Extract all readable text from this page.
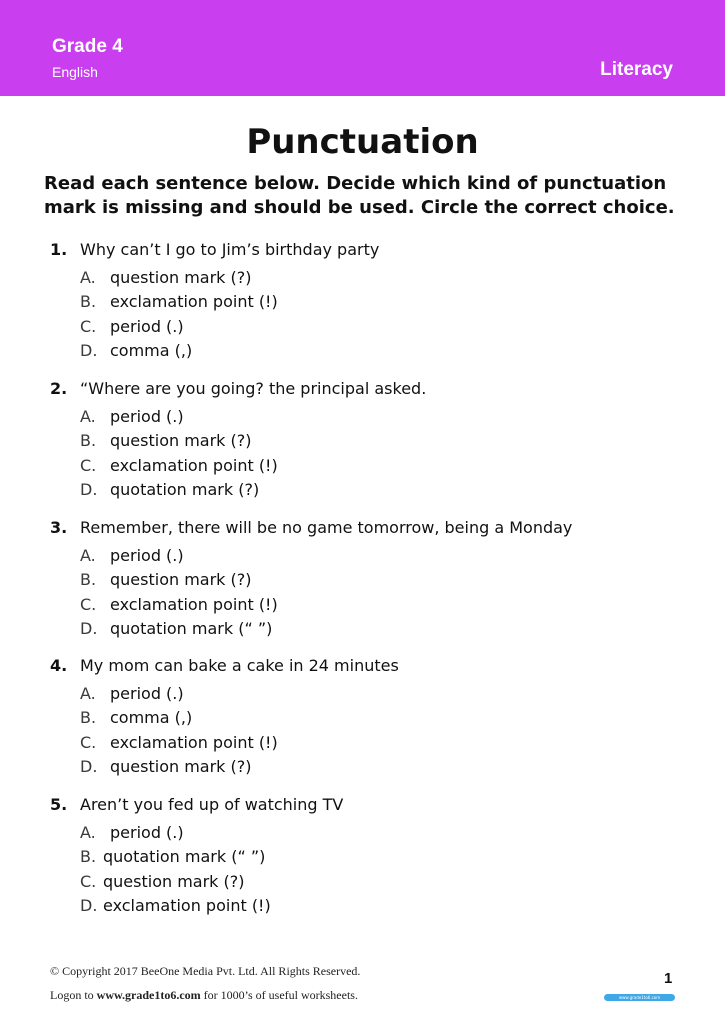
Grade 4
English	Literacy
Punctuation

Read each sentence below. Decide which kind of punctuation mark is missing and should be used. Circle the correct choice.

1. Why can’t I go to Jim’s birthday party
A. question mark (?)
B. exclamation point (!)
C. period (.)
D. comma (,)
2. “Where are you going? the principal asked.
A. period (.)
B. question mark (?)
C. exclamation point (!)
D. quotation mark (?)
3. Remember, there will be no game tomorrow, being a Monday
A. period (.)
B. question mark (?)
C. exclamation point (!)
D. quotation mark (“ ”)
4. My mom can bake a cake in 24 minutes
A. period (.)
B. comma (,)
C. exclamation point (!)
D. question mark (?)
5. Aren’t you fed up of watching TV
A. period (.)
B. quotation mark (“ ”)
C. question mark (?)
D. exclamation point (!)
© Copyright 2017 BeeOne Media Pvt. Ltd. All Rights Reserved.
Logon to www.grade1to6.com for 1000’s of useful worksheets.
1
www.grade1to6.com
